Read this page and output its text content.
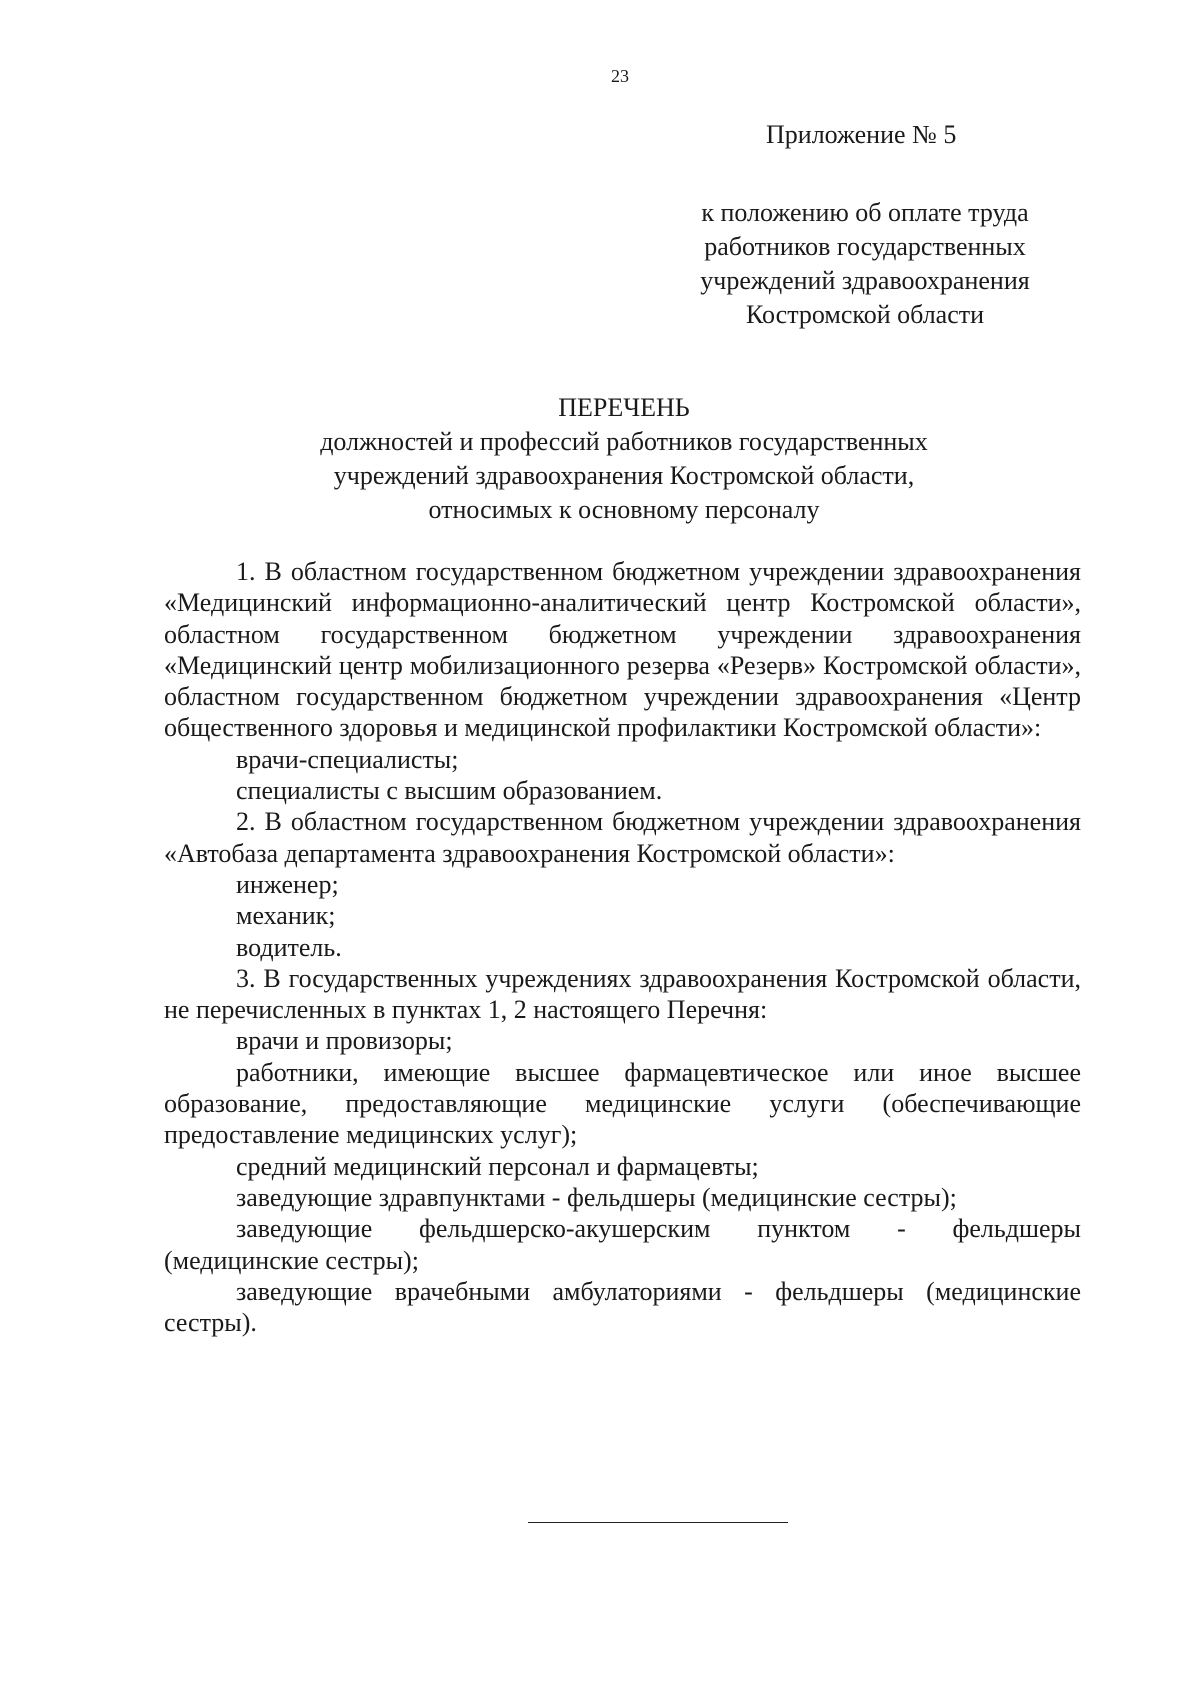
23
Приложение № 5
к положению об оплате труда
работников государственных
учреждений здравоохранения
Костромской области
ПЕРЕЧЕНЬ
должностей и профессий работников государственных
учреждений здравоохранения Костромской области,
относимых к основному персоналу

1. В областном государственном бюджетном учреждении здравоохранения «Медицинский информационно-аналитический центр Костромской области», областном государственном бюджетном учреждении здравоохранения «Медицинский центр мобилизационного резерва «Резерв» Костромской области», областном государственном бюджетном учреждении здравоохранения «Центр общественного здоровья и медицинской профилактики Костромской области»:

врачи-специалисты;

специалисты с высшим образованием.

2. В областном государственном бюджетном учреждении здравоохранения «Автобаза департамента здравоохранения Костромской области»:

инженер;

механик;

водитель.

3. В государственных учреждениях здравоохранения Костромской области, не перечисленных в пунктах 1, 2 настоящего Перечня:

врачи и провизоры;

работники, имеющие высшее фармацевтическое или иное высшее образование, предоставляющие медицинские услуги (обеспечивающие предоставление медицинских услуг);

средний медицинский персонал и фармацевты;

заведующие здравпунктами - фельдшеры (медицинские сестры);

заведующие фельдшерско-акушерским пунктом - фельдшеры (медицинские сестры);

заведующие врачебными амбулаториями - фельдшеры (медицинские сестры).
